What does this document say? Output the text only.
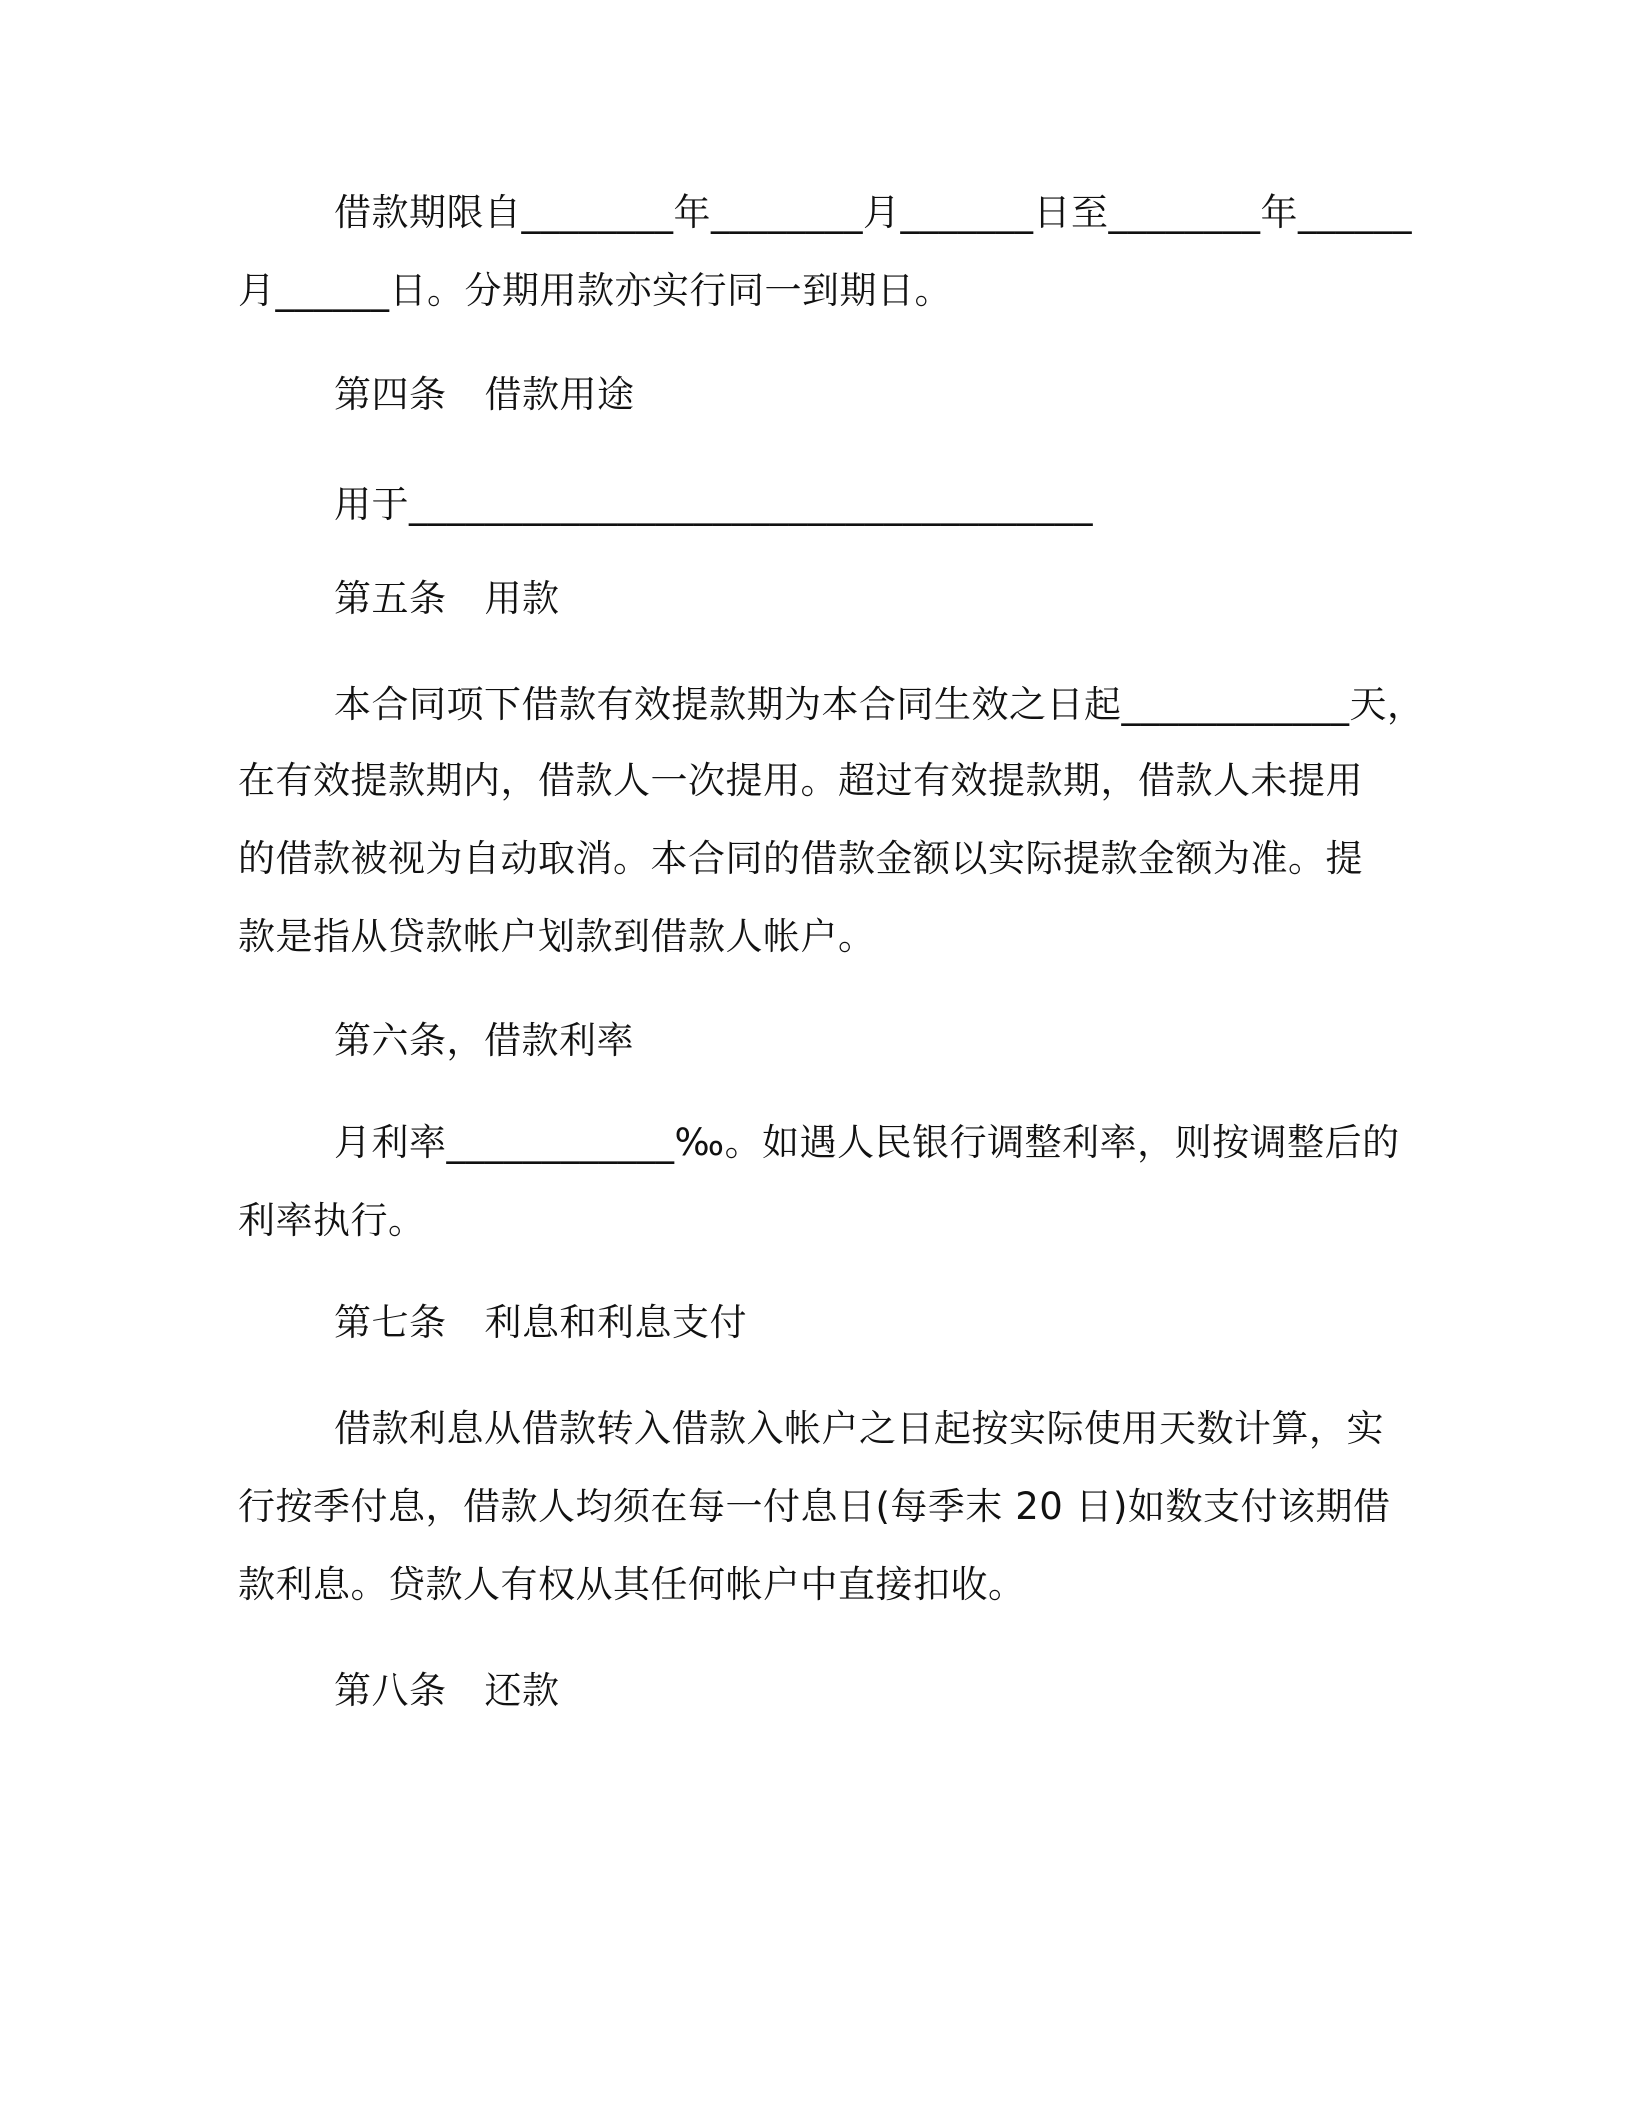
借款期限自________年________月_______日至________年______
月______日。分期用款亦实行同一到期日。
第四条 借款用途
用于____________________________________
第五条 用款
本合同项下借款有效提款期为本合同生效之日起____________天，
在有效提款期内，借款人一次提用。超过有效提款期，借款人未提用
的借款被视为自动取消。本合同的借款金额以实际提款金额为准。提
款是指从贷款帐户划款到借款人帐户。
第六条，借款利率
月利率____________‰。如遇人民银行调整利率，则按调整后的
利率执行。
第七条 利息和利息支付
借款利息从借款转入借款入帐户之日起按实际使用天数计算，实
行按季付息，借款人均须在每一付息日(每季末 20 日)如数支付该期借
款利息。贷款人有权从其任何帐户中直接扣收。
第八条 还款
